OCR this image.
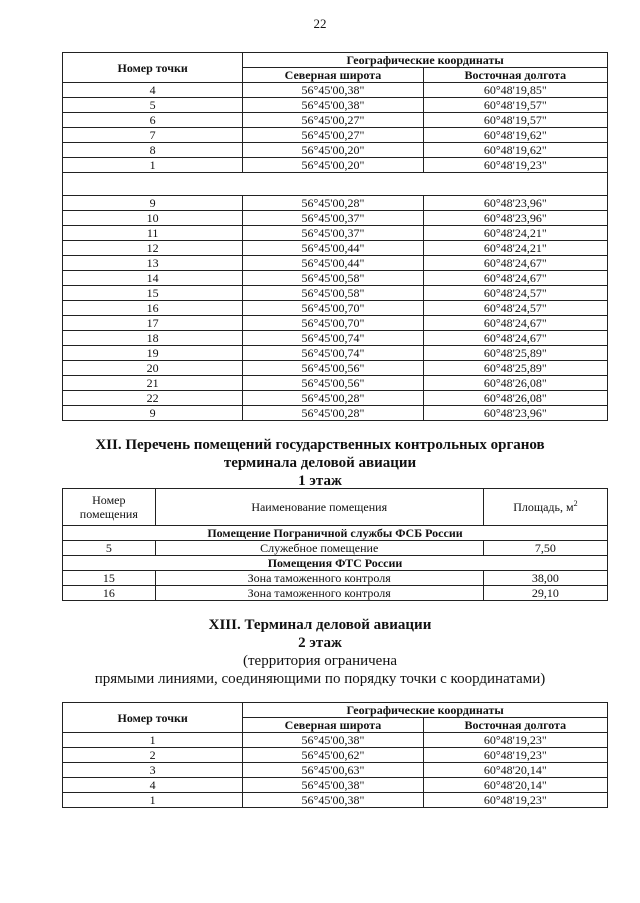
22
Номер точки	Географические координаты	
	Северная широта	Восточная долгота
4	56°45'00,38"	60°48'19,85"
5	56°45'00,38"	60°48'19,57"
6	56°45'00,27"	60°48'19,57"
7	56°45'00,27"	60°48'19,62"
8	56°45'00,20"	60°48'19,62"
1	56°45'00,20"	60°48'19,23"

9	56°45'00,28"	60°48'23,96"
10	56°45'00,37"	60°48'23,96"
11	56°45'00,37"	60°48'24,21"
12	56°45'00,44"	60°48'24,21"
13	56°45'00,44"	60°48'24,67"
14	56°45'00,58"	60°48'24,67"
15	56°45'00,58"	60°48'24,57"
16	56°45'00,70"	60°48'24,57"
17	56°45'00,70"	60°48'24,67"
18	56°45'00,74"	60°48'24,67"
19	56°45'00,74"	60°48'25,89"
20	56°45'00,56"	60°48'25,89"
21	56°45'00,56"	60°48'26,08"
22	56°45'00,28"	60°48'26,08"
9	56°45'00,28"	60°48'23,96"
XII. Перечень помещений государственных контрольных органов
терминала деловой авиации
1 этаж
Номер помещения	Наименование помещения	Площадь, $м^2$
Помещение Пограничной службы ФСБ России		
5	Служебное помещение	7,50
Помещения ФТС России		
15	Зона таможенного контроля	38,00
16	Зона таможенного контроля	29,10
XIII. Терминал деловой авиации
2 этаж
(территория ограничена
прямыми линиями, соединяющими по порядку точки с координатами)
Номер точки	Географические координаты	
	Северная широта	Восточная долгота
1	56°45'00,38"	60°48'19,23"
2	56°45'00,62"	60°48'19,23"
3	56°45'00,63"	60°48'20,14"
4	56°45'00,38"	60°48'20,14"
1	56°45'00,38"	60°48'19,23"
